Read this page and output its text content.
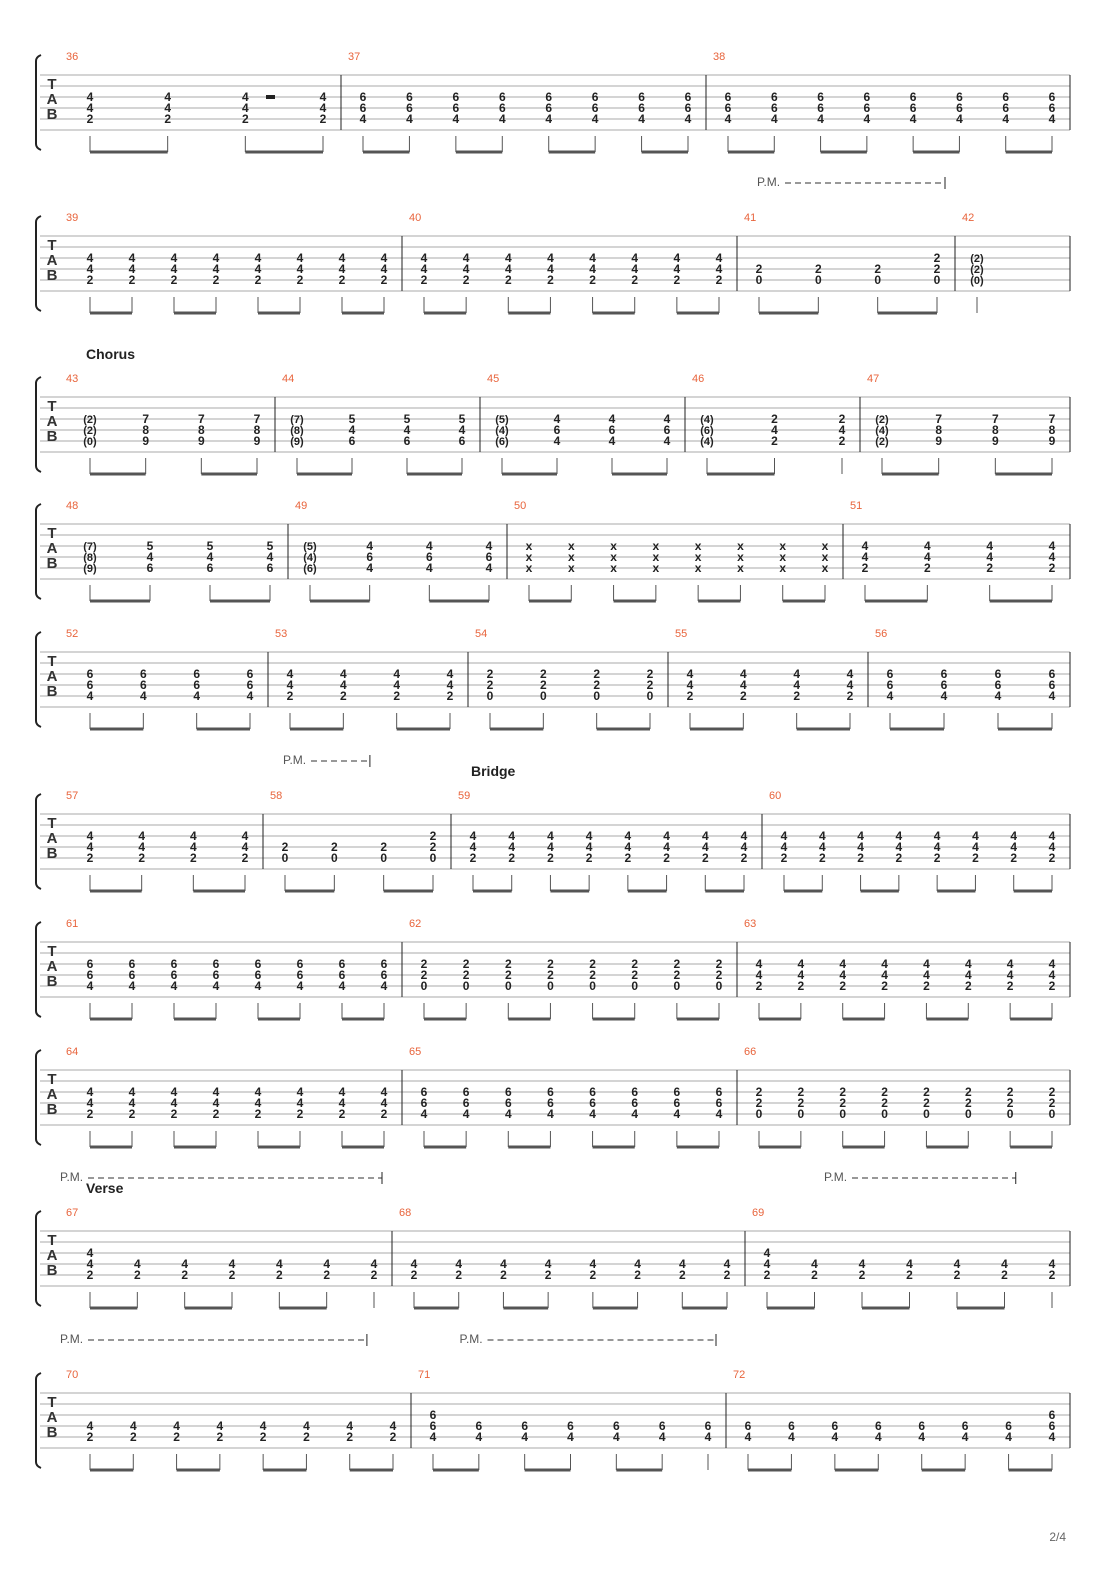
T
A
B
36
4
4
2
4
4
2
4
4
2
4
4
2
37
6
6
4
6
6
4
6
6
4
6
6
4
6
6
4
6
6
4
6
6
4
6
6
4
38
6
6
4
6
6
4
6
6
4
6
6
4
6
6
4
6
6
4
6
6
4
6
6
4
T
A
B
P.M.
39
4
4
2
4
4
2
4
4
2
4
4
2
4
4
2
4
4
2
4
4
2
4
4
2
40
4
4
2
4
4
2
4
4
2
4
4
2
4
4
2
4
4
2
4
4
2
4
4
2
41
2
0
2
0
2
0
2
2
0
42
(2)
(2)
(0)
T
A
B
Chorus
43
(2)
(2)
(0)
7
8
9
7
8
9
7
8
9
44
(7)
(8)
(9)
5
4
6
5
4
6
5
4
6
45
(5)
(4)
(6)
4
6
4
4
6
4
4
6
4
46
(4)
(6)
(4)
2
4
2
2
4
2
47
(2)
(4)
(2)
7
8
9
7
8
9
7
8
9
T
A
B
48
(7)
(8)
(9)
5
4
6
5
4
6
5
4
6
49
(5)
(4)
(6)
4
6
4
4
6
4
4
6
4
50
x
x
x
x
x
x
x
x
x
x
x
x
x
x
x
x
x
x
x
x
x
x
x
x
51
4
4
2
4
4
2
4
4
2
4
4
2
T
A
B
52
6
6
4
6
6
4
6
6
4
6
6
4
53
4
4
2
4
4
2
4
4
2
4
4
2
54
2
2
0
2
2
0
2
2
0
2
2
0
55
4
4
2
4
4
2
4
4
2
4
4
2
56
6
6
4
6
6
4
6
6
4
6
6
4
T
A
B
Bridge
P.M.
57
4
4
2
4
4
2
4
4
2
4
4
2
58
2
0
2
0
2
0
2
2
0
59
4
4
2
4
4
2
4
4
2
4
4
2
4
4
2
4
4
2
4
4
2
4
4
2
60
4
4
2
4
4
2
4
4
2
4
4
2
4
4
2
4
4
2
4
4
2
4
4
2
T
A
B
61
6
6
4
6
6
4
6
6
4
6
6
4
6
6
4
6
6
4
6
6
4
6
6
4
62
2
2
0
2
2
0
2
2
0
2
2
0
2
2
0
2
2
0
2
2
0
2
2
0
63
4
4
2
4
4
2
4
4
2
4
4
2
4
4
2
4
4
2
4
4
2
4
4
2
T
A
B
64
4
4
2
4
4
2
4
4
2
4
4
2
4
4
2
4
4
2
4
4
2
4
4
2
65
6
6
4
6
6
4
6
6
4
6
6
4
6
6
4
6
6
4
6
6
4
6
6
4
66
2
2
0
2
2
0
2
2
0
2
2
0
2
2
0
2
2
0
2
2
0
2
2
0
T
A
B
Verse
P.M.	P.M.
67
4
4
2
4
2
4
2
4
2
4
2
4
2
4
2
68
4
2
4
2
4
2
4
2
4
2
4
2
4
2
4
2
69
4
4
2
4
2
4
2
4
2
4
2
4
2
4
2
T
A
B
P.M.	P.M.
70
4
2
4
2
4
2
4
2
4
2
4
2
4
2
4
2
71
6
6
4
6
4
6
4
6
4
6
4
6
4
6
4
72
6
4
6
4
6
4
6
4
6
4
6
4
6
4
6
6
4
2/4
